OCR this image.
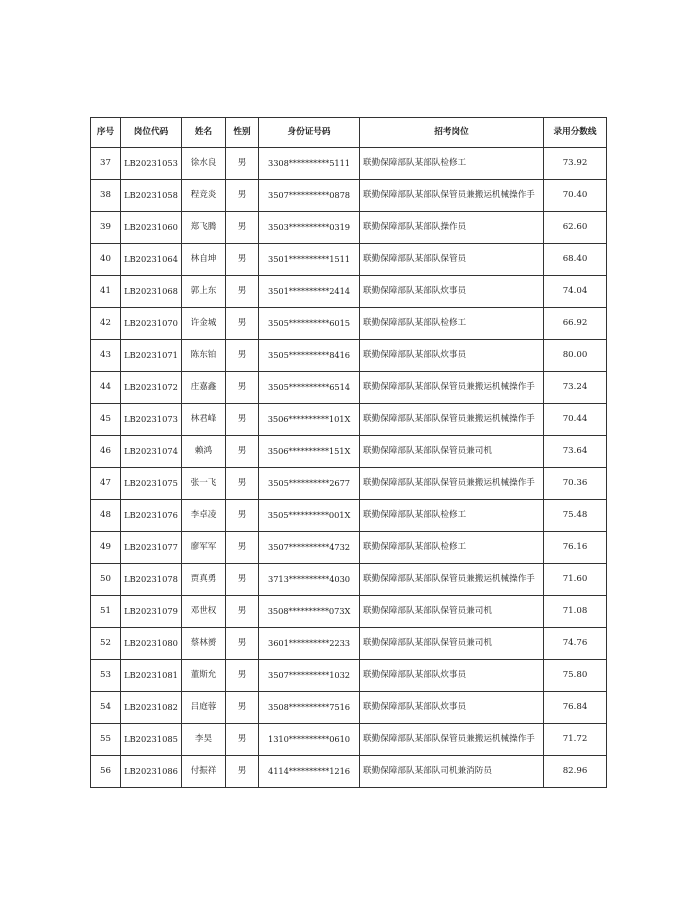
序号	岗位代码	姓名	性别	身份证号码	招考岗位	录用分数线
37	LB20231053	徐水良	男	3308**********5111	联勤保障部队某部队检修工	73.92
38	LB20231058	程竞炎	男	3507**********0878	联勤保障部队某部队保管员兼搬运机械操作手	70.40
39	LB20231060	郑飞腾	男	3503**********0319	联勤保障部队某部队操作员	62.60
40	LB20231064	林自坤	男	3501**********1511	联勤保障部队某部队保管员	68.40
41	LB20231068	郭上东	男	3501**********2414	联勤保障部队某部队炊事员	74.04
42	LB20231070	许金城	男	3505**********6015	联勤保障部队某部队检修工	66.92
43	LB20231071	陈东铂	男	3505**********8416	联勤保障部队某部队炊事员	80.00
44	LB20231072	庄嘉鑫	男	3505**********6514	联勤保障部队某部队保管员兼搬运机械操作手	73.24
45	LB20231073	林君峰	男	3506**********101X	联勤保障部队某部队保管员兼搬运机械操作手	70.44
46	LB20231074	赖鸿	男	3506**********151X	联勤保障部队某部队保管员兼司机	73.64
47	LB20231075	张一飞	男	3505**********2677	联勤保障部队某部队保管员兼搬运机械操作手	70.36
48	LB20231076	李卓凌	男	3505**********001X	联勤保障部队某部队检修工	75.48
49	LB20231077	廖军军	男	3507**********4732	联勤保障部队某部队检修工	76.16
50	LB20231078	贾真勇	男	3713**********4030	联勤保障部队某部队保管员兼搬运机械操作手	71.60
51	LB20231079	邓世权	男	3508**********073X	联勤保障部队某部队保管员兼司机	71.08
52	LB20231080	蔡林赟	男	3601**********2233	联勤保障部队某部队保管员兼司机	74.76
53	LB20231081	董斯允	男	3507**********1032	联勤保障部队某部队炊事员	75.80
54	LB20231082	吕庭蓉	男	3508**********7516	联勤保障部队某部队炊事员	76.84
55	LB20231085	李昊	男	1310**********0610	联勤保障部队某部队保管员兼搬运机械操作手	71.72
56	LB20231086	付振祥	男	4114**********1216	联勤保障部队某部队司机兼消防员	82.96
